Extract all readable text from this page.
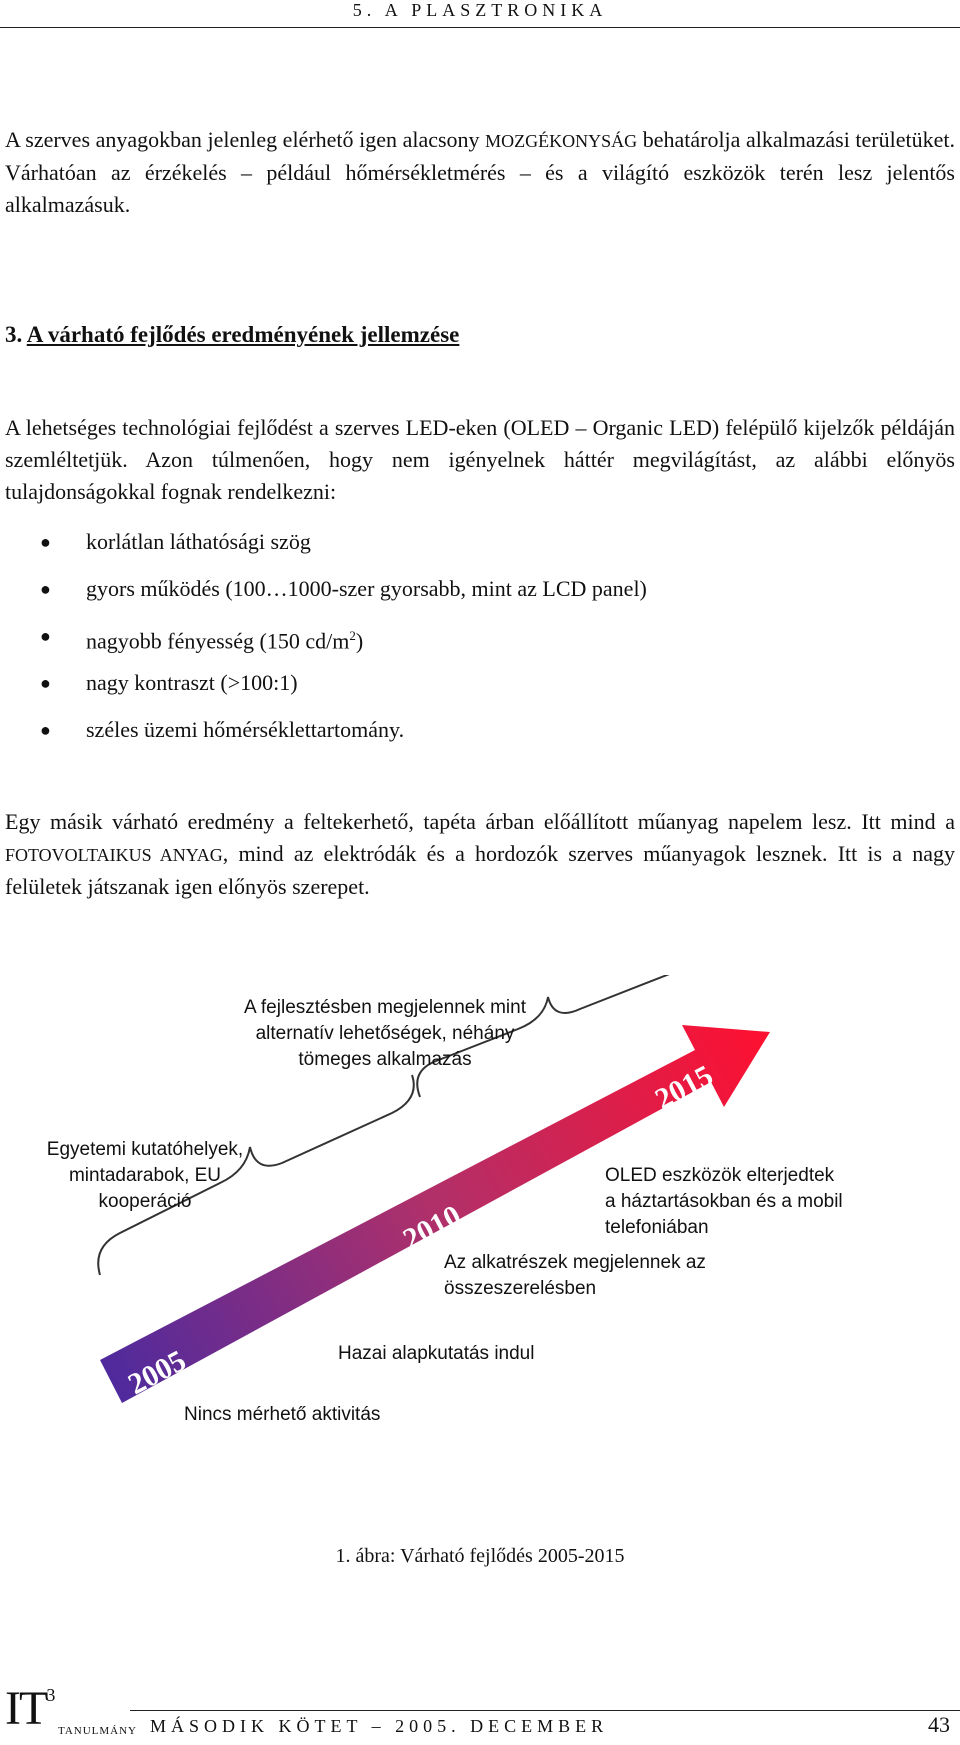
5. A PLASZTRONIKA

A szerves anyagokban jelenleg elérhető igen alacsony MOZGÉKONYSÁG behatárolja alkalmazási területüket. Várhatóan az érzékelés – például hőmérsékletmérés – és a világító eszközök terén lesz jelentős alkalmazásuk.

3. A várható fejlődés eredményének jellemzése

A lehetséges technológiai fejlődést a szerves LED-eken (OLED – Organic LED) felépülő kijelzők példáján szemléltetjük. Azon túlmenően, hogy nem igényelnek háttér megvilágítást, az alábbi előnyös tulajdonságokkal fognak rendelkezni:

● korlátlan láthatósági szög
● gyors működés (100…1000-szer gyorsabb, mint az LCD panel)
● nagyobb fényesség (150 $cd/m^2$)
● nagy kontraszt (>100:1)
● széles üzemi hőmérséklettartomány.

Egy másik várható eredmény a feltekerhető, tapéta árban előállított műanyag napelem lesz. Itt mind a FOTOVOLTAIKUS ANYAG, mind az elektródák és a hordozók szerves műanyagok lesznek. Itt is a nagy felületek játszanak igen előnyös szerepet.

2005
2010
2015
A fejlesztésben megjelennek mint
alternatív lehetőségek, néhány
tömeges alkalmazás
Egyetemi kutatóhelyek,
mintadarabok, EU
kooperáció
OLED eszközök elterjedtek
a háztartásokban és a mobil
telefoniában
Az alkatrészek megjelennek az
összeszerelésben
Hazai alapkutatás indul
Nincs mérhető aktivitás
1. ábra: Várható fejlődés 2005-2015
IT3
TANULMÁNY MÁSODIK KÖTET – 2005. DECEMBER	43
